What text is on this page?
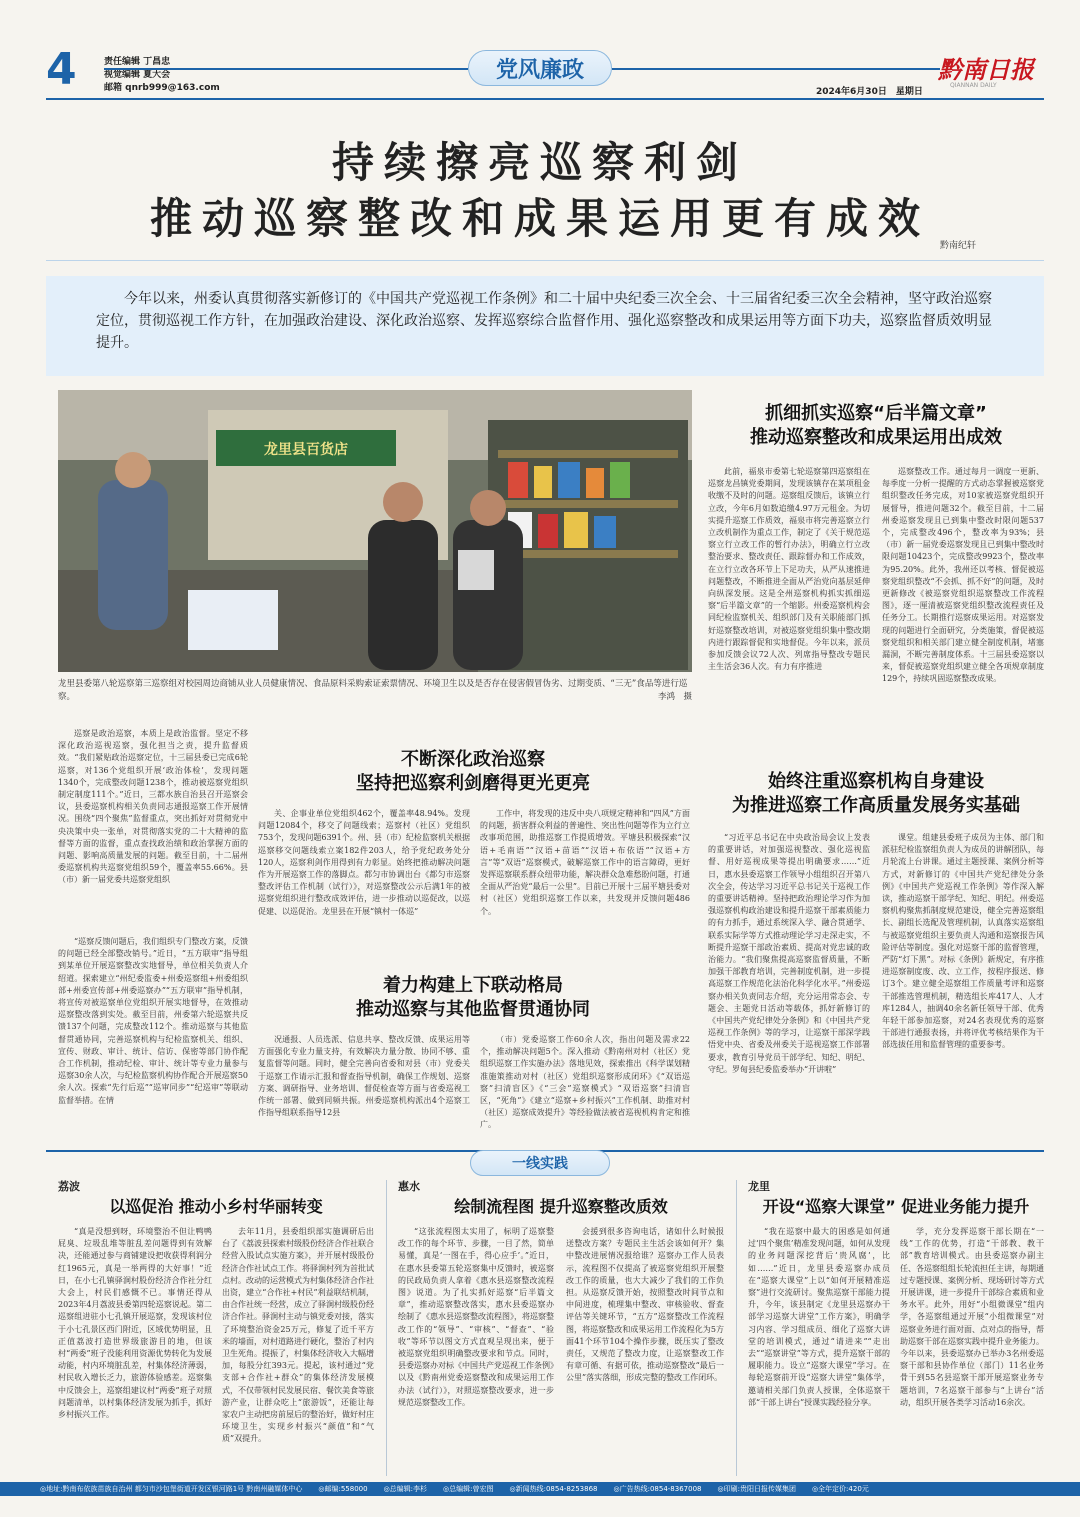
4	责任编辑 丁昌忠
视觉编辑 夏大会
邮箱 qnrb999@163.com
党风廉政	黔南日报
QIANNAN DAILY
2024年6月30日　星期日
持续擦亮巡察利剑
推动巡察整改和成果运用更有成效
黔南纪轩
今年以来，州委认真贯彻落实新修订的《中国共产党巡视工作条例》和二十届中央纪委三次全会、十三届省纪委三次全会精神，坚守政治巡察定位，贯彻巡视工作方针，在加强政治建设、深化政治巡察、发挥巡察综合监督作用、强化巡察整改和成果运用等方面下功夫，巡察监督质效明显提升。
龙里县百货店
龙里县委第八轮巡察第三巡察组对校园周边商铺从业人员健康情况、食品原料采购索证索票情况、环境卫生以及是否存在侵害假冒伪劣、过期变质、“三无”食品等进行巡察。	李鸿　摄
抓细抓实巡察“后半篇文章”
推动巡察整改和成果运用出成效

此前，福泉市委第七轮巡察第四巡察组在巡察龙昌镇党委期间，发现该镇存在某项租金收缴不及时的问题。巡察组反馈后，该镇立行立改，今年6月如数追缴4.97万元租金。为切实提升巡察工作质效，福泉市将完善巡察立行立改机制作为重点工作，制定了《关于规范巡察立行立改工作的暂行办法》，明确立行立改整治要求、整改责任、跟踪督办和工作成效，在立行立改各环节上下足功夫，从严从速推进问题整改，不断推进全面从严治党向基层延伸向纵深发展。这是全州巡察机构抓实抓细巡察“后半篇文章”的一个缩影。州委巡察机构会同纪检监察机关、组织部门及有关职能部门抓好巡察整改培训，对被巡察党组织集中整改期内进行跟踪督促和实地督促。今年以来，派员参加反馈会议72人次、列席指导整改专题民主生活会36人次。有力有序推进

巡察整改工作。通过每月一调度一更新、每季度一分析一提醒的方式动态掌握被巡察党组织整改任务完成，对10家被巡察党组织开展督导，推进问题32个。截至目前，十二届州委巡察发现且已到集中整改时限问题537个，完成整改496个，整改率为93%；县（市）新一届党委巡察发现且已到集中整改时限问题10423个，完成整改9923个，整改率为95.20%。此外，我州还以考核、督促被巡察党组织整改“不会抓、抓不好”的问题，及时更新修改《被巡察党组织巡察整改工作流程图》，逐一厘清被巡察党组织整改流程责任及任务分工。长期推行巡察成果运用。对巡察发现的问题进行全面研究，分类施策，督促被巡察党组织和相关部门建立健全制度机制，堵塞漏洞，不断完善制度体系。十三届县委巡察以来，督促被巡察党组织建立健全各项规章制度129个，持续巩固巡察整改成果。

巡察是政治巡察，本质上是政治监督。坚定不移深化政治巡视巡察，强化担当之责，提升监督质效。“我们紧贴政治巡察定位，十三届县委已完成6轮巡察，对136个党组织开展‘政治体检’，发现问题1340个，完成整改问题1238个，推动被巡察党组织制定制度111个。”近日，三都水族自治县召开巡察会议，县委巡察机构相关负责同志通报巡察工作开展情况。围绕“四个聚焦”监督重点，突出抓好对贯彻党中央决策中央一张单，对贯彻落实党的二十大精神的监督等方面的监督，重点查找政治绩和政治掌握方面的问题、影响高质量发展的问题。截至目前，十二届州委巡察机构共巡察党组织59个，覆盖率55.66%。县（市）新一届党委共巡察党组织

不断深化政治巡察
坚持把巡察利剑磨得更光更亮

关、企事业单位党组织462个，覆盖率48.94%。发现问题12084个，移交了问题线索；巡察村（社区）党组织753个，发现问题6391个。州、县（市）纪检监察机关根据巡察移交问题线索立案182件203人，给予党纪政务处分120人，巡察利剑作用得到有力彰显。始终把推动解决问题作为开展巡察工作的落脚点。都匀市协调出台《都匀市巡察整改评估工作机制（试行）》，对巡察整改公示后满1年的被巡察党组织进行整改成效评估，进一步推动以巡促改，以巡促建、以巡促治。龙里县在开展“镇村一体巡”

工作中，将发现的违反中央八项规定精神和“四风”方面的问题，损害群众利益的普遍性、突出性问题等作为立行立改事项范围，助推巡察工作提质增效。平塘县积极探索“汉语+毛南语”“汉语+苗语”“汉语+布依语”“汉语+方言”等“双语”巡察模式，破解巡察工作中的语言障碍，更好发挥巡察联系群众纽带功能，解决群众急难愁盼问题，打通全面从严治党“最后一公里”。目前已开展十三届平塘县委对村（社区）党组织巡察工作以来，共发现并反馈问题486个。

始终注重巡察机构自身建设
为推进巡察工作高质量发展务实基础

“习近平总书记在中央政治局会议上发表的重要讲话，对加强巡视整改、强化巡视监督、用好巡视成果等提出明确要求……”近日，惠水县委巡察工作领导小组组织召开第八次全会，传达学习习近平总书记关于巡视工作的重要讲话精神。坚持把政治理论学习作为加强巡察机构政治建设和提升巡察干部素质能力的有力抓手，通过系统深入学、融合贯通学、联系实际学等方式推动理论学习走深走实，不断提升巡察干部政治素质、提高对党忠诚的政治能力。“我们聚焦提高巡察监督质量，不断加强干部教育培训，完善制度机制，进一步提高巡察工作规范化法治化科学化水平。”州委巡察办相关负责同志介绍，充分运用常态会、专题会、主题党日活动等载体，抓好新修订的《中国共产党纪律处分条例》和《中国共产党巡视工作条例》等的学习，让巡察干部深学践悟党中央、省委及州委关于巡视巡察工作部署要求，教育引导党员干部学纪、知纪、明纪、守纪。罗甸县纪委监委举办“开讲啦”

课堂。组建县委班子成员为主体、部门和派驻纪检监察组负责人为成员的讲解团队，每月轮流上台讲课。通过主题授课、案例分析等方式，对新修订的《中国共产党纪律处分条例》《中国共产党巡视工作条例》等作深入解读，推动巡察干部学纪、知纪、明纪。州委巡察机构聚焦抓制度规范建设，健全完善巡察组长、副组长选配及管理机制，认真落实巡察组与被巡察党组织主要负责人沟通和巡察报告风险评估等制度。强化对巡察干部的监督管理，严防“灯下黑”。对标《条例》新规定，有序推进巡察制度废、改、立工作，按程序报送、修订3个。建立健全巡察组工作质量考评和巡察干部推选管理机制，精选组长库417人、人才库1284人，抽调40余名新任领导干部、优秀年轻干部参加巡察，对24名表现优秀的巡察干部进行通报表扬，并将评优考核结果作为干部选拔任用和监督管理的重要参考。

“巡察反馈问题后，我们组织专门整改方案，反馈的问题已经全部整改销号。”近日，“五方联审”指导组到某单位开展巡察整改实地督导，单位相关负责人介绍道。探索建立“州纪委监委+州委巡察组+州委组织部+州委宣传部+州委巡察办”“五方联审”指导机制，将宣传对被巡察单位党组织开展实地督导，在效推动巡察整改落到实处。截至目前，州委第六轮巡察共反馈137个问题，完成整改112个。推动巡察与其他监督贯通协同，完善巡察机构与纪检监察机关、组织、宣传、财政、审计、统计、信访、保密等部门协作配合工作机制，推动纪检、审计、统计等专业力量参与巡察30余人次，与纪检监察机构协作配合开展巡察50余人次。探索“先行后巡”“巡审同步”“纪巡审”等联动监督举措。在情

着力构建上下联动格局
推动巡察与其他监督贯通协同

况通报、人员选派、信息共享、整改反馈、成果运用等方面强化专业力量支持，有效解决力量分散、协同不够、重复监督等问题。同时，健全完善向省委和对县（市）党委关于巡察工作请示汇报和督查指导机制，确保工作规划、巡察方案、调研指导、业务培训、督促检查等方面与省委巡视工作统一部署、做到同频共振。州委巡察机构派出4个巡察工作指导组联系指导12县

（市）党委巡察工作60余人次，指出问题及需求22个，推动解决问题5个。深入推动《黔南州对村（社区）党组织巡察工作实施办法》落地见效，探索推出《科学谋划精准施策推动对村（社区）党组织巡察形成闭环》《“双语巡察”扫清盲区》《“三会”巡察模式》“双语巡察”扫清盲区，“死角”》《建立“巡察+乡村振兴”工作机制、助推对村（社区）巡察成效提升》等经验做法被省巡视机构肯定和推广。

一线实践
荔波
以巡促治 推动小乡村华丽转变

“真是没想到呀，环境整治不但让鸭鸭屁臭、垃圾乱堆等脏乱差问题得到有效解决，还能通过参与商铺建设把收获得利润分红1965元，真是一举两得的大好事！”近日，在小七孔镇驿涧村股份经济合作社分红大会上，村民们感慨不已。事情还得从2023年4月荔波县委第四轮巡察说起。第二巡察组进驻小七孔镇开展巡察，发现该村位于小七孔景区西门附近，区域优势明显，且正值荔波打造世界级旅游目的地，但该村“两委”班子没能利用资源优势转化为发展动能，村内环境脏乱差，村集体经济薄弱，村民收入增长乏力，旅游体验感差。巡察集中反馈会上，巡察组建议村“两委”班子对照问题清单，以村集体经济发展为抓手，抓好乡村振兴工作。

去年11月，县委组织部实施调研后出台了《荔波县探索村级股份经济合作社联合经营入股试点实施方案》，并开展村级股份经济合作社试点工作。将驿涧村列为首批试点村。改动的运营模式为村集体经济合作社出资，建立“合作社+村民”利益联结机制，由合作社统一经营，成立了驿涧村级股份经济合作社。驿涧村主动与镇党委对接，落实了环境整治资金25万元，修复了近千平方米的墙面，对村道路进行硬化，整治了村内卫生死角。提振了，村集体经济收入大幅增加，每股分红393元。提起，该村通过“党支部+合作社+群众”的集体经济发展模式，不仅带领村民发展民宿、餐饮美食等旅游产业，让群众吃上“旅游饭”，还能让每家农户主动把房前屋后的整治好，做好村庄环境卫生，实现乡村振兴“颜值”和“气质”双提升。

惠水
绘制流程图 提升巡察整改质效

“这张流程图太实用了，标明了巡察整改工作的每个环节、步骤，一目了然，简单易懂，真是‘一图在手，得心应手’。”近日，在惠水县委第五轮巡察集中反馈时，被巡察的民政局负责人拿着《惠水县巡察整改流程图》说道。为了扎实抓好巡察“后半篇文章”，推动巡察整改落实，惠水县委巡察办绘制了《惠水县巡察整改流程图》，将巡察整改工作的“领导”、“审核”、“督查”、“验收”等环节以图文方式直观呈现出来，便于被巡察党组织明确整改要求和节点。同时，县委巡察办对标《中国共产党巡视工作条例》以及《黔南州党委巡察整改和成果运用工作办法（试行）》，对照巡察整改要求，进一步规范巡察整改工作。

会援到很多咨询电话，诸如什么时候报送整改方案？专题民主生活会该如何开？集中整改进展情况报给谁？巡察办工作人员表示，流程图不仅提高了被巡察党组织开展整改工作的质量，也大大减少了我们的工作负担。从巡察反馈开始，按照整改时间节点和中间进度，梳理集中整改、审核验收、督查评估等关键环节，“五方”巡察整改工作流程图，将巡察整改和成果运用工作流程化为5方面41个环节104个操作步骤，既压实了整改责任，又规范了整改力度，让巡察整改工作有章可循、有据可依，推动巡察整改“最后一公里”落实落细，形成完整的整改工作闭环。

龙里
开设“巡察大课堂” 促进业务能力提升

“我在巡察中最大的困惑是如何通过‘四个聚焦’精准发现问题，如何从发现的业务问题深挖背后‘贵风腐’，比如……”近日，龙里县委巡察办成员在“巡察大课堂”上以“如何开展精准巡察”进行交流研讨。聚焦巡察干部能力提升，今年，该县制定《龙里县巡察办干部学习巡察大讲堂”工作方案》，明确学习内容、学习组成员、细化了巡察大讲堂的培训模式，通过“请进来”“走出去”“巡察讲堂”等方式，提升巡察干部的履职能力。设立“巡察大课堂”学习。在每轮巡察前开设“巡察大讲堂”集体学，邀请相关部门负责人授课，全体巡察干部“干部上讲台”授课实践经验分享。

学，充分发挥巡察干部长期在“一线”工作的优势，打造“干部教、教干部”教育培训模式。由县委巡察办副主任、各巡察组组长轮流担任主讲，每期通过专题授课、案例分析、现场研讨等方式开展讲课，进一步提升干部综合素质和业务水平。此外，用好“小组微课堂”组内学，各巡察组通过开展“小组微课堂”对巡察业务进行面对面、点对点的指导，帮助巡察干部在巡察实践中提升业务能力。今年以来，县委巡察办已举办3名州委巡察干部和县协作单位（部门）11名业务骨干到55名县巡察干部开展巡察业务专题培训，7名巡察干部参与“上讲台”活动，组织开展各类学习活动16余次。

◎地址:黔南布依族苗族自治州 都匀市沙包堡街道开发区银河路1号 黔南州融媒体中心 ◎邮编:558000 ◎总编辑:李杉 ◎总编辑:曾宏图 ◎新闻热线:0854-8253868 ◎广告热线:0854-8367008 ◎印刷:贵阳日报传媒集团 ◎全年定价:420元
